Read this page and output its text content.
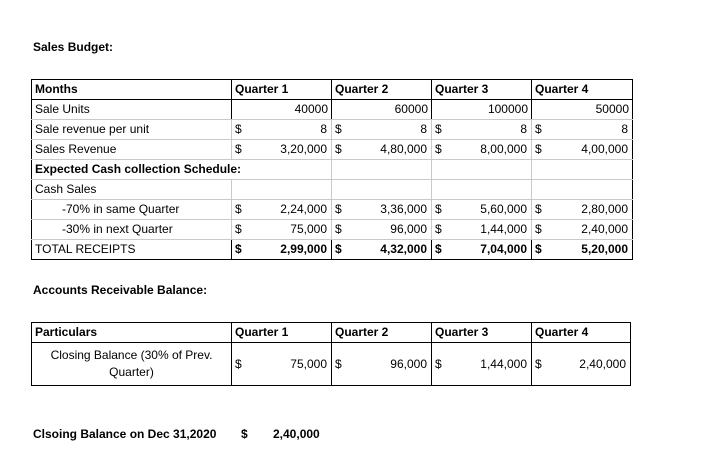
Sales Budget:
Months	Quarter 1	Quarter 2	Quarter 3	Quarter 4
Sale Units	40000	60000	100000	50000
Sale revenue per unit	$ 8	$ 8	$ 8	$ 8
Sales Revenue	$ 3,20,000	$ 4,80,000	$ 8,00,000	$ 4,00,000
Expected Cash collection Schedule:				
Cash Sales				
-70% in same Quarter	$ 2,24,000	$ 3,36,000	$ 5,60,000	$ 2,80,000
-30% in next Quarter	$ 75,000	$ 96,000	$ 1,44,000	$ 2,40,000
TOTAL RECEIPTS	$ 2,99,000	$ 4,32,000	$ 7,04,000	$ 5,20,000
Accounts Receivable Balance:
Particulars	Quarter 1	Quarter 2	Quarter 3	Quarter 4
Closing Balance (30% of Prev. Quarter)	$ 75,000	$ 96,000	$ 1,44,000	$ 2,40,000
Clsoing Balance on Dec 31,2020 $ 2,40,000
